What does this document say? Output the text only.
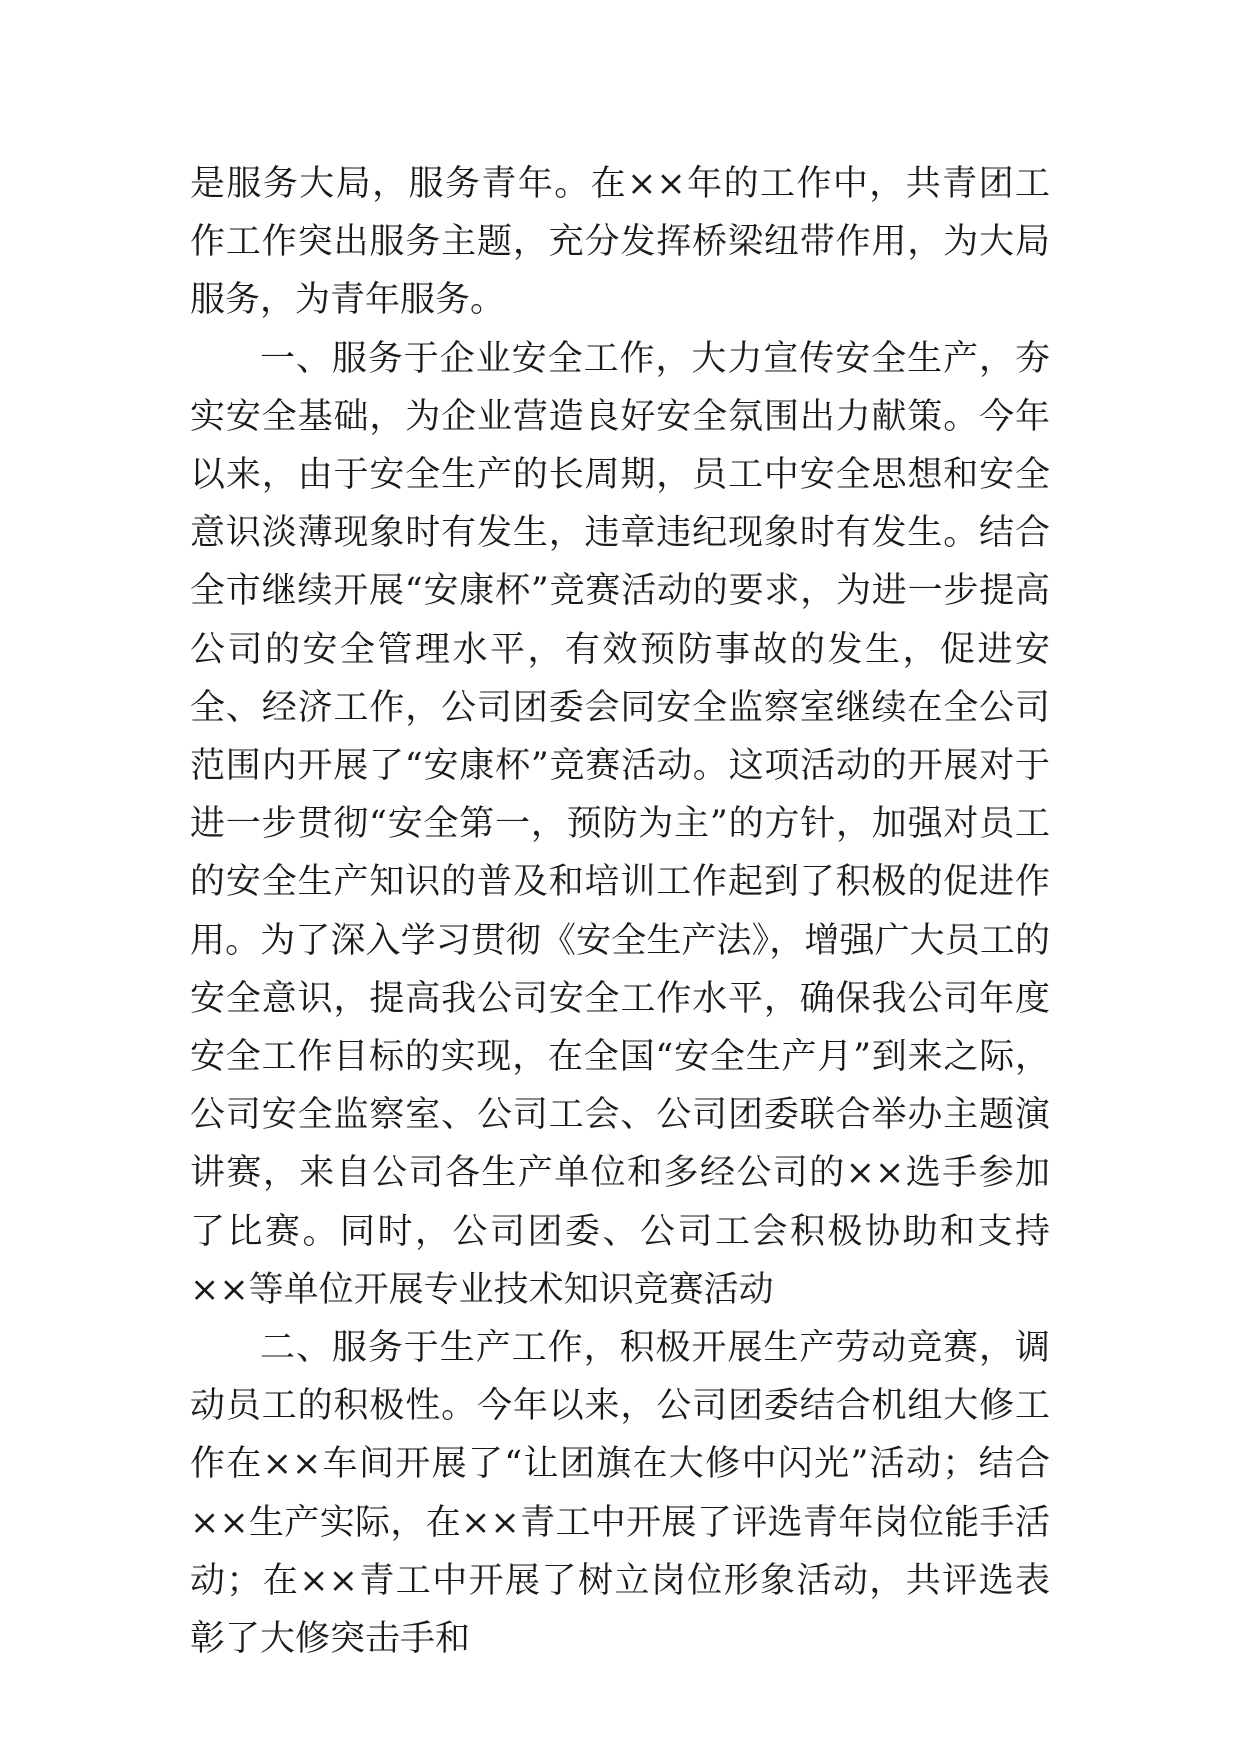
是服务大局，服务青年。在××年的工作中，共青团工作工作突出服务主题，充分发挥桥梁纽带作用，为大局服务，为青年服务。

一、服务于企业安全工作，大力宣传安全生产，夯实安全基础，为企业营造良好安全氛围出力献策。今年以来，由于安全生产的长周期，员工中安全思想和安全意识淡薄现象时有发生，违章违纪现象时有发生。结合全市继续开展“安康杯”竞赛活动的要求，为进一步提高公司的安全管理水平，有效预防事故的发生，促进安全、经济工作，公司团委会同安全监察室继续在全公司范围内开展了“安康杯”竞赛活动。这项活动的开展对于进一步贯彻“安全第一，预防为主”的方针，加强对员工的安全生产知识的普及和培训工作起到了积极的促进作用。为了深入学习贯彻《安全生产法》，增强广大员工的安全意识，提高我公司安全工作水平，确保我公司年度安全工作目标的实现，在全国“安全生产月”到来之际，公司安全监察室、公司工会、公司团委联合举办主题演讲赛，来自公司各生产单位和多经公司的××选手参加了比赛。同时，公司团委、公司工会积极协助和支持××等单位开展专业技术知识竞赛活动

二、服务于生产工作，积极开展生产劳动竞赛，调动员工的积极性。今年以来，公司团委结合机组大修工作在××车间开展了“让团旗在大修中闪光”活动；结合××生产实际，在××青工中开展了评选青年岗位能手活动；在××青工中开展了树立岗位形象活动，共评选表彰了大修突击手和
